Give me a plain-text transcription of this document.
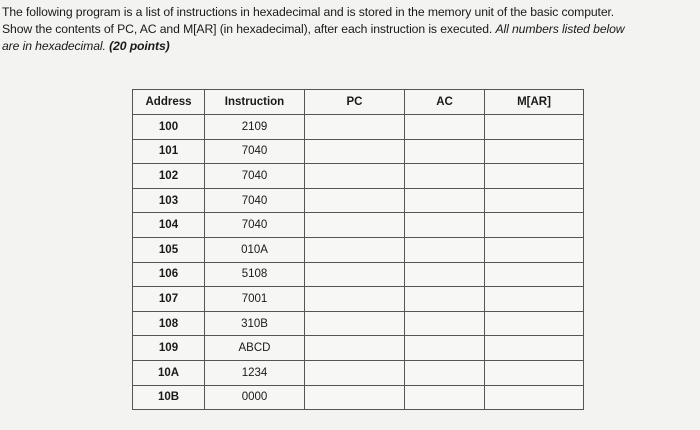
The following program is a list of instructions in hexadecimal and is stored in the memory unit of the basic computer.
Show the contents of PC, AC and M[AR] (in hexadecimal), after each instruction is executed. All numbers listed below
are in hexadecimal. (20 points)
Address	Instruction	PC	AC	M[AR]
100	2109			
101	7040			
102	7040			
103	7040			
104	7040			
105	010A			
106	5108			
107	7001			
108	310B			
109	ABCD			
10A	1234			
10B	0000			
